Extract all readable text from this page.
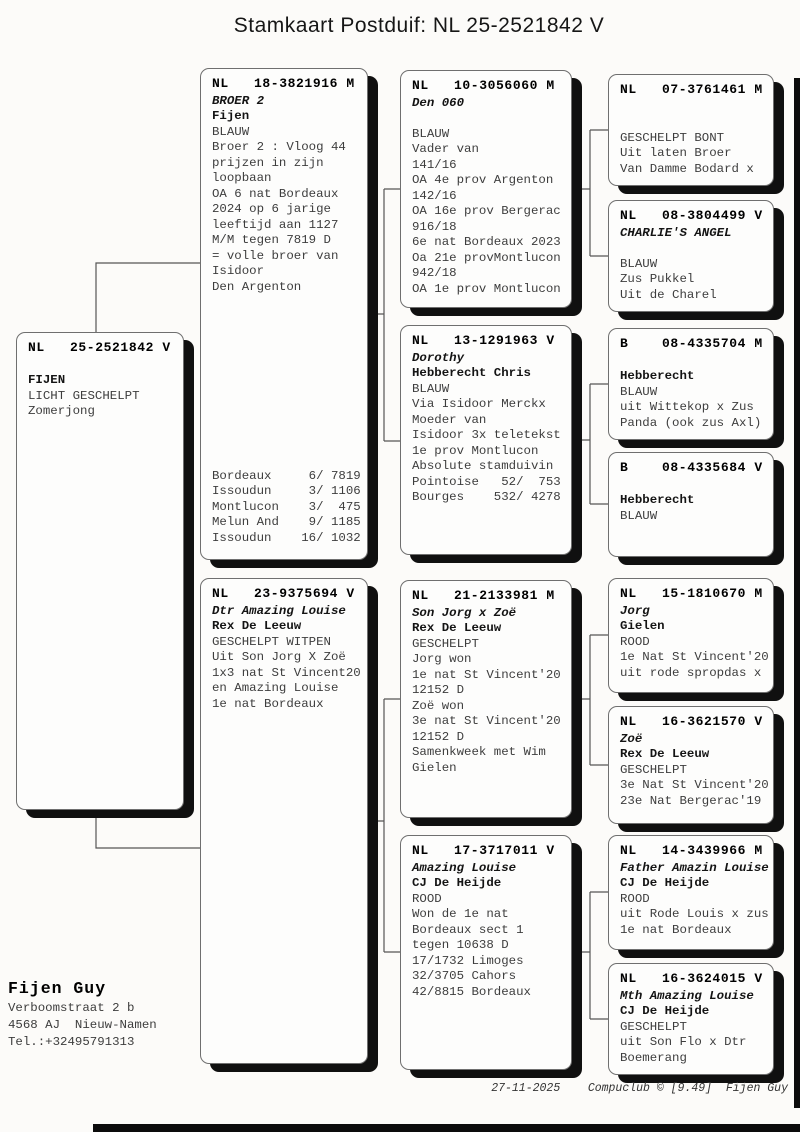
Stamkaart Postduif: NL 25-2521842 V
NL   25-2521842 V
FIJEN
LICHT GESCHELPT
Zomerjong
NL   18-3821916 M
BROER 2
Fijen
BLAUW
Broer 2 : Vloog 44
prijzen in zijn
loopbaan
OA 6 nat Bordeaux
2024 op 6 jarige
leeftijd aan 1127
M/M tegen 7819 D
= volle broer van
Isidoor
Den Argenton
Bordeaux     6/ 7819
Issoudun     3/ 1106
Montlucon    3/  475
Melun And    9/ 1185
Issoudun    16/ 1032
NL   23-9375694 V
Dtr Amazing Louise
Rex De Leeuw
GESCHELPT WITPEN
Uit Son Jorg X Zoë
1x3 nat St Vincent20
en Amazing Louise
1e nat Bordeaux
NL   10-3056060 M
Den 060
BLAUW
Vader van
141/16
OA 4e prov Argenton
142/16
OA 16e prov Bergerac
916/18
6e nat Bordeaux 2023
Oa 21e provMontlucon
942/18
OA 1e prov Montlucon
NL   13-1291963 V
Dorothy
Hebberecht Chris
BLAUW
Via Isidoor Merckx
Moeder van
Isidoor 3x teletekst
1e prov Montlucon
Absolute stamduivin
Pointoise   52/  753
Bourges    532/ 4278
NL   21-2133981 M
Son Jorg x Zoë
Rex De Leeuw
GESCHELPT
Jorg won
1e nat St Vincent'20
12152 D
Zoë won
3e nat St Vincent'20
12152 D
Samenkweek met Wim
Gielen
NL   17-3717011 V
Amazing Louise
CJ De Heijde
ROOD
Won de 1e nat
Bordeaux sect 1
tegen 10638 D
17/1732 Limoges
32/3705 Cahors
42/8815 Bordeaux
NL   07-3761461 M
GESCHELPT BONT
Uit laten Broer
Van Damme Bodard x
NL   08-3804499 V
CHARLIE'S ANGEL
BLAUW
Zus Pukkel
Uit de Charel
B    08-4335704 M
Hebberecht
BLAUW
uit Wittekop x Zus
Panda (ook zus Axl)
B    08-4335684 V
Hebberecht
BLAUW
NL   15-1810670 M
Jorg
Gielen
ROOD
1e Nat St Vincent'20
uit rode spropdas x
NL   16-3621570 V
Zoë
Rex De Leeuw
GESCHELPT
3e Nat St Vincent'20
23e Nat Bergerac'19
NL   14-3439966 M
Father Amazin Louise
CJ De Heijde
ROOD
uit Rode Louis x zus
1e nat Bordeaux
NL   16-3624015 V
Mth Amazing Louise
CJ De Heijde
GESCHELPT
uit Son Flo x Dtr
Boemerang
Fijen Guy
Verboomstraat 2 b
4568 AJ  Nieuw-Namen
Tel.:+32495791313
27-11-2025 Compuclub © [9.49] Fijen Guy
